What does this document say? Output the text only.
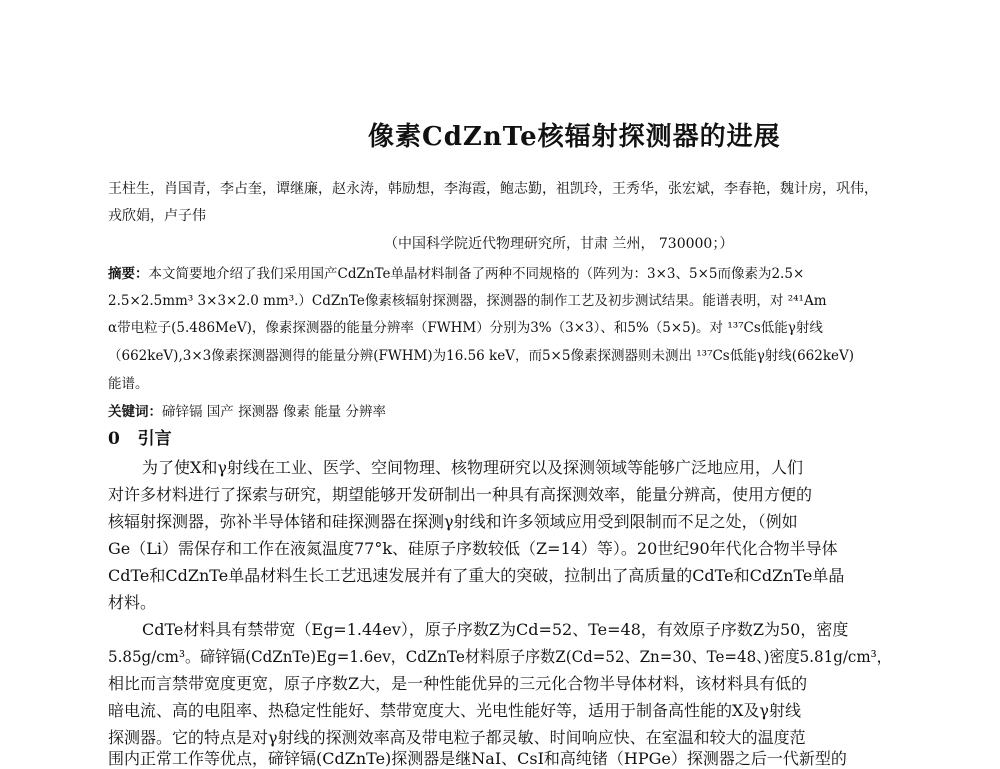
像素CdZnTe核辐射探测器的进展
王柱生，肖国青，李占奎，谭继廉，赵永涛，韩励想，李海霞，鲍志勤，祖凯玲，王秀华，张宏斌，李春艳，魏计房，巩伟，
戎欣娟，卢子伟
（中国科学院近代物理研究所，甘肃 兰州， 730000；）
摘要：本文简要地介绍了我们采用国产CdZnTe单晶材料制备了两种不同规格的（阵列为：3×3、5×5而像素为2.5×
2.5×2.5mm³ 3×3×2.0 mm³.）CdZnTe像素核辐射探测器，探测器的制作工艺及初步测试结果。能谱表明，对 ²⁴¹Am
α带电粒子(5.486MeV)，像素探测器的能量分辨率（FWHM）分别为3%（3×3）、和5%（5×5)。对 ¹³⁷Cs低能γ射线
（662keV),3×3像素探测器测得的能量分辨(FWHM)为16.56 keV，而5×5像素探测器则未测出 ¹³⁷Cs低能γ射线(662keV)
能谱。
关键词：碲锌镉 国产 探测器 像素 能量 分辨率
0 引言
为了使X和γ射线在工业、医学、空间物理、核物理研究以及探测领域等能够广泛地应用，人们
对许多材料进行了探索与研究，期望能够开发研制出一种具有高探测效率，能量分辨高，使用方便的
核辐射探测器，弥补半导体锗和硅探测器在探测γ射线和许多领域应用受到限制而不足之处，（例如
Ge（Li）需保存和工作在液氮温度77°k、硅原子序数较低（Z=14）等）。20世纪90年代化合物半导体
CdTe和CdZnTe单晶材料生长工艺迅速发展并有了重大的突破，拉制出了高质量的CdTe和CdZnTe单晶
材料。
CdTe材料具有禁带宽（Eg=1.44ev），原子序数Z为Cd=52、Te=48，有效原子序数Z为50，密度
5.85g/cm³。碲锌镉(CdZnTe)Eg=1.6ev，CdZnTe材料原子序数Z(Cd=52、Zn=30、Te=48、)密度5.81g/cm³，
相比而言禁带宽度更宽，原子序数Z大，是一种性能优异的三元化合物半导体材料，该材料具有低的
暗电流、高的电阻率、热稳定性能好、禁带宽度大、光电性能好等，适用于制备高性能的X及γ射线
探测器。它的特点是对γ射线的探测效率高及带电粒子都灵敏、时间响应快、在室温和较大的温度范
围内正常工作等优点，碲锌镉(CdZnTe)探测器是继NaI、CsI和高纯锗（HPGe）探测器之后一代新型的
